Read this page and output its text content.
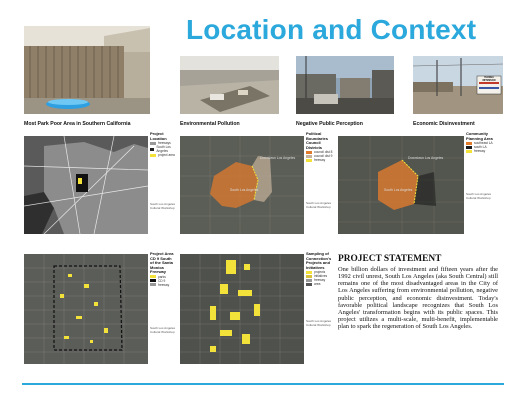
Location and Context
Most Park Poor Area in Southern California	Environmental Pollution	Negative Public Perception
TERREA MITEMSON
Economic Disinvestment
Project Location
freeways
South Los Angeles
project area
South Los Angeles Cultural Workshop
Downtown Los Angeles
South Los Angeles
Political Boundaries Council Districts
council dist 8
council dist 9
freeway
South Los Angeles Cultural Workshop
Downtown Los Angeles
South Los Angeles
Community Planning Area
southeast LA
south LA
freeway
South Los Angeles Cultural Workshop
Project Area CD 9 South of the Santa Monica Freeway
parks
CD 9
freeway
South Los Angeles Cultural Workshop
Sampling of Connection's Projects and Initiatives
projects
initiatives
freeway
area
South Los Angeles Cultural Workshop
PROJECT STATEMENT
One billion dollars of investment and fifteen years after the 1992 civil unrest, South Los Angeles (aka South Central) still remains one of the most disadvantaged areas in the City of Los Angeles suffering from environmental pollution, negative public perception, and economic disinvestment. Today's favorable political landscape recognizes that South Los Angeles' transformation begins with its public spaces. This project utilizes a multi-scale, multi-benefit, implementable plan to spark the regeneration of South Los Angeles.
